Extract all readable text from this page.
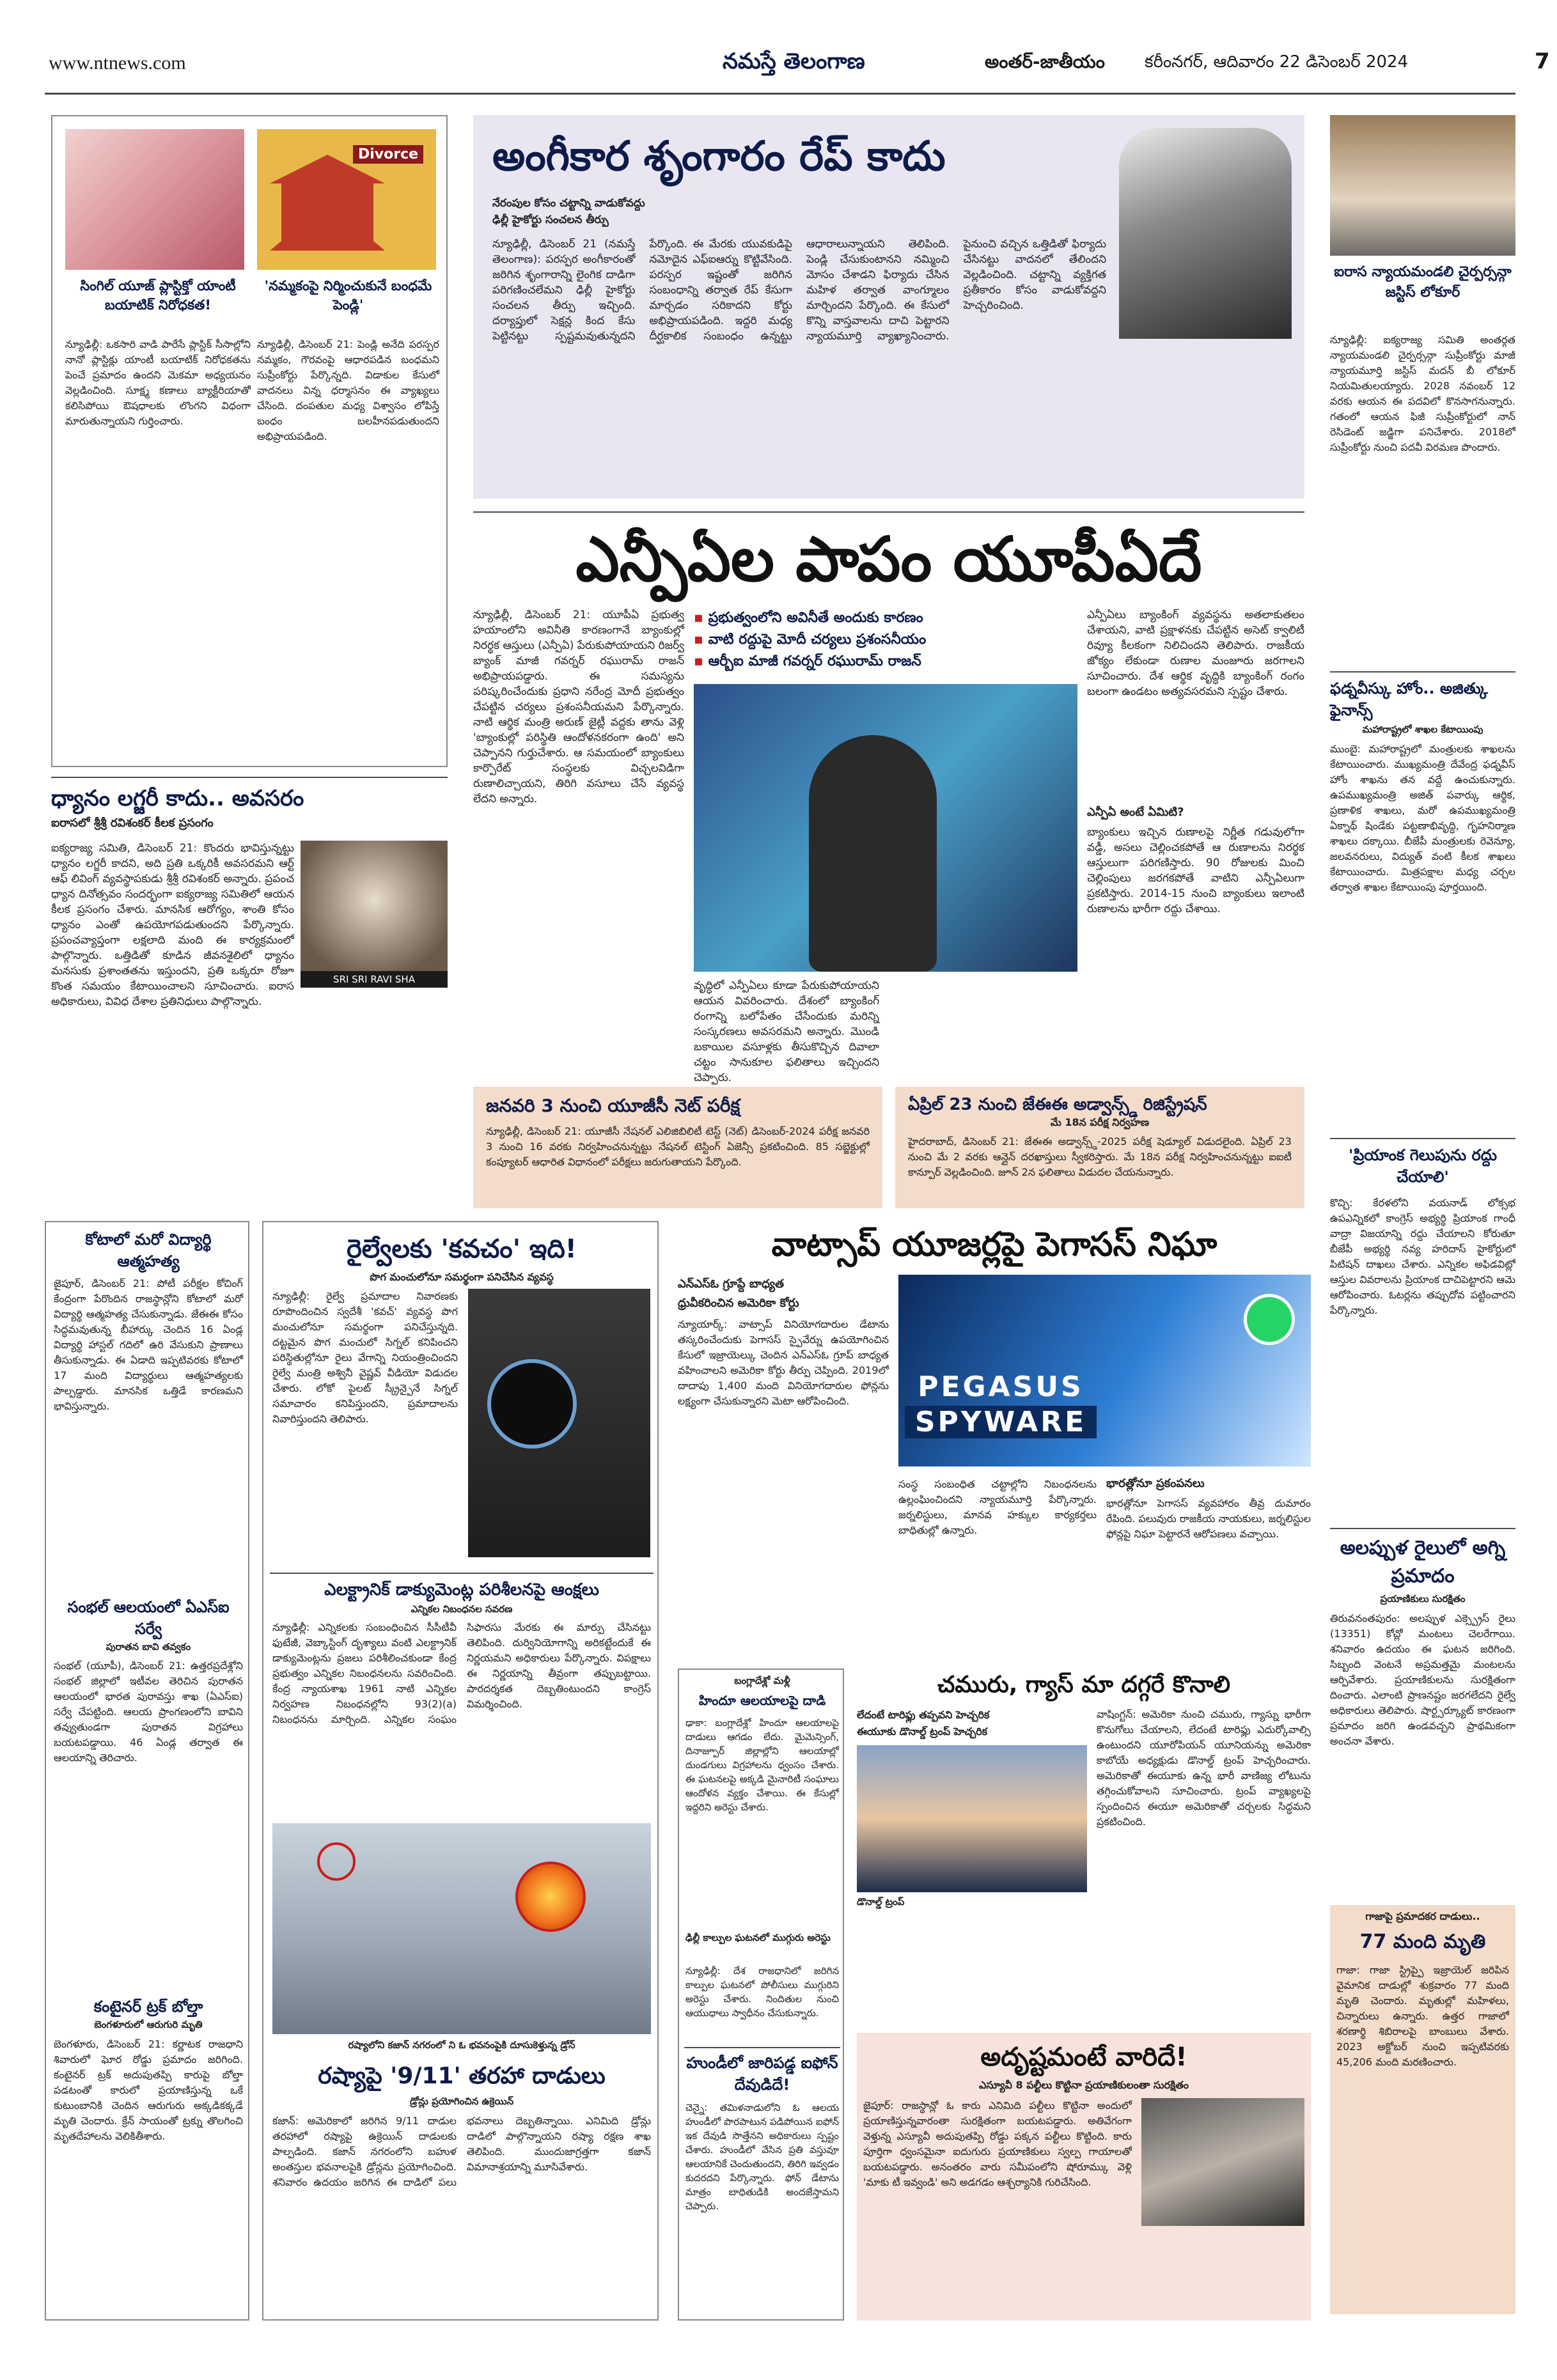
www.ntnews.com	నమస్తే తెలంగాణ	అంతర్-జాతీయం కరీంనగర్, ఆదివారం 22 డిసెంబర్ 2024	7
సింగిల్ యూజ్ ప్లాస్టిక్తో యాంటీ బయాటిక్ నిరోధకత!
న్యూఢిల్లీ: ఒకసారి వాడి పారేసే ప్లాస్టిక్ సీసాల్లోని నానో ప్లాస్టిక్లు యాంటీ బయాటిక్ నిరోధకతను పెంచే ప్రమాదం ఉందని మెకమా అధ్యయనం వెల్లడించింది. సూక్ష్మ కణాలు బ్యాక్టీరియాతో కలిసిపోయి ఔషధాలకు లొంగని విధంగా మారుతున్నాయని గుర్తించారు.
Divorce
'నమ్మకంపై నిర్మించుకునే బంధమే పెండ్లి'
న్యూఢిల్లీ, డిసెంబర్ 21: పెండ్లి అనేది పరస్పర నమ్మకం, గౌరవంపై ఆధారపడిన బంధమని సుప్రీంకోర్టు పేర్కొన్నది. విడాకుల కేసులో వాదనలు విన్న ధర్మాసనం ఈ వ్యాఖ్యలు చేసింది. దంపతుల మధ్య విశ్వాసం లోపిస్తే బంధం బలహీనపడుతుందని అభిప్రాయపడింది.
అంగీకార శృంగారం రేప్ కాదు
నేరంపుల కోసం చట్టాన్ని వాడుకోవద్దు
ఢిల్లీ హైకోర్టు సంచలన తీర్పు
న్యూఢిల్లీ, డిసెంబర్ 21 (నమస్తే తెలంగాణ): పరస్పర అంగీకారంతో జరిగిన శృంగారాన్ని లైంగిక దాడిగా పరిగణించలేమని ఢిల్లీ హైకోర్టు సంచలన తీర్పు ఇచ్చింది. దర్యాప్తులో సెక్షన్ల కింద కేసు పెట్టినట్టు స్పష్టమవుతున్నదని పేర్కొంది. ఈ మేరకు యువకుడిపై నమోదైన ఎఫ్ఐఆర్ను కొట్టివేసింది. పరస్పర ఇష్టంతో జరిగిన సంబంధాన్ని తర్వాత రేప్ కేసుగా మార్చడం సరికాదని కోర్టు అభిప్రాయపడింది. ఇద్దరి మధ్య దీర్ఘకాలిక సంబంధం ఉన్నట్టు ఆధారాలున్నాయని తెలిపింది. పెండ్లి చేసుకుంటానని నమ్మించి మోసం చేశాడని ఫిర్యాదు చేసిన మహిళ తర్వాత వాంగ్మూలం మార్చిందని పేర్కొంది. ఈ కేసులో కొన్ని వాస్తవాలను దాచి పెట్టారని న్యాయమూర్తి వ్యాఖ్యానించారు. పైనుంచి వచ్చిన ఒత్తిడితో ఫిర్యాదు చేసినట్టు వాదనలో తేలిందని వెల్లడించింది. చట్టాన్ని వ్యక్తిగత ప్రతీకారం కోసం వాడుకోవద్దని హెచ్చరించింది.
ఐరాస న్యాయమండలి చైర్పర్సన్గా జస్టిస్ లోకూర్
న్యూఢిల్లీ: ఐక్యరాజ్య సమితి అంతర్గత న్యాయమండలి చైర్పర్సన్గా సుప్రీంకోర్టు మాజీ న్యాయమూర్తి జస్టిస్ మదన్ బీ లోకూర్ నియమితులయ్యారు. 2028 నవంబర్ 12 వరకు ఆయన ఈ పదవిలో కొనసాగనున్నారు. గతంలో ఆయన ఫిజీ సుప్రీంకోర్టులో నాన్ రెసిడెంట్ జడ్జిగా పనిచేశారు. 2018లో సుప్రీంకోర్టు నుంచి పదవీ విరమణ పొందారు.
ధ్యానం లగ్జరీ కాదు.. అవసరం
ఐరాసలో శ్రీశ్రీ రవిశంకర్ కీలక ప్రసంగం
SRI SRI RAVI SHA
ఐక్యరాజ్య సమితి, డిసెంబర్ 21: కొందరు భావిస్తున్నట్టు ధ్యానం లగ్జరీ కాదని, అది ప్రతి ఒక్కరికీ అవసరమని ఆర్ట్ ఆఫ్ లివింగ్ వ్యవస్థాపకుడు శ్రీశ్రీ రవిశంకర్ అన్నారు. ప్రపంచ ధ్యాన దినోత్సవం సందర్భంగా ఐక్యరాజ్య సమితిలో ఆయన కీలక ప్రసంగం చేశారు. మానసిక ఆరోగ్యం, శాంతి కోసం ధ్యానం ఎంతో ఉపయోగపడుతుందని పేర్కొన్నారు. ప్రపంచవ్యాప్తంగా లక్షలాది మంది ఈ కార్యక్రమంలో పాల్గొన్నారు. ఒత్తిడితో కూడిన జీవనశైలిలో ధ్యానం మనసుకు ప్రశాంతతను ఇస్తుందని, ప్రతి ఒక్కరూ రోజూ కొంత సమయం కేటాయించాలని సూచించారు. ఐరాస అధికారులు, వివిధ దేశాల ప్రతినిధులు పాల్గొన్నారు.
ఎన్పీఏల పాపం యూపీఏదే
న్యూఢిల్లీ, డిసెంబర్ 21: యూపీఏ ప్రభుత్వ హయాంలోని అవినీతి కారణంగానే బ్యాంకుల్లో నిరర్థక ఆస్తులు (ఎన్పీఏ) పేరుకుపోయాయని రిజర్వ్ బ్యాంక్ మాజీ గవర్నర్ రఘురామ్ రాజన్ అభిప్రాయపడ్డారు. ఈ సమస్యను పరిష్కరించేందుకు ప్రధాని నరేంద్ర మోదీ ప్రభుత్వం చేపట్టిన చర్యలు ప్రశంసనీయమని పేర్కొన్నారు. నాటి ఆర్థిక మంత్రి అరుణ్ జైట్లీ వద్దకు తాను వెళ్లి 'బ్యాంకుల్లో పరిస్థితి ఆందోళనకరంగా ఉంది' అని చెప్పానని గుర్తుచేశారు. ఆ సమయంలో బ్యాంకులు కార్పొరేట్ సంస్థలకు విచ్చలవిడిగా రుణాలిచ్చాయని, తిరిగి వసూలు చేసే వ్యవస్థ లేదని అన్నారు.
▪ ప్రభుత్వంలోని అవినీతే అందుకు కారణం
▪ వాటి రద్దుపై మోదీ చర్యలు ప్రశంసనీయం
▪ ఆర్బీఐ మాజీ గవర్నర్ రఘురామ్ రాజన్
వృద్ధిలో ఎన్పీఏలు కూడా పేరుకుపోయాయని ఆయన వివరించారు. దేశంలో బ్యాంకింగ్ రంగాన్ని బలోపేతం చేసేందుకు మరిన్ని సంస్కరణలు అవసరమని అన్నారు. మొండి బకాయిల వసూళ్లకు తీసుకొచ్చిన దివాలా చట్టం సానుకూల ఫలితాలు ఇచ్చిందని చెప్పారు.
ఎన్పీఏలు బ్యాంకింగ్ వ్యవస్థను అతలాకుతలం చేశాయని, వాటి ప్రక్షాళనకు చేపట్టిన అసెట్ క్వాలిటీ రివ్యూ కీలకంగా నిలిచిందని తెలిపారు. రాజకీయ జోక్యం లేకుండా రుణాల మంజూరు జరగాలని సూచించారు. దేశ ఆర్థిక వృద్ధికి బ్యాంకింగ్ రంగం బలంగా ఉండటం అత్యవసరమని స్పష్టం చేశారు.
ఎన్పీఏ అంటే ఏమిటి?
బ్యాంకులు ఇచ్చిన రుణాలపై నిర్ణీత గడువులోగా వడ్డీ, అసలు చెల్లించకపోతే ఆ రుణాలను నిరర్థక ఆస్తులుగా పరిగణిస్తారు. 90 రోజులకు మించి చెల్లింపులు జరగకపోతే వాటిని ఎన్పీఏలుగా ప్రకటిస్తారు. 2014-15 నుంచి బ్యాంకులు ఇలాంటి రుణాలను భారీగా రద్దు చేశాయి.
జనవరి 3 నుంచి యూజీసీ నెట్ పరీక్ష
న్యూఢిల్లీ, డిసెంబర్ 21: యూజీసీ నేషనల్ ఎలిజిబిలిటీ టెస్ట్ (నెట్) డిసెంబర్-2024 పరీక్ష జనవరి 3 నుంచి 16 వరకు నిర్వహించనున్నట్టు నేషనల్ టెస్టింగ్ ఏజెన్సీ ప్రకటించింది. 85 సబ్జెక్టుల్లో కంప్యూటర్ ఆధారిత విధానంలో పరీక్షలు జరుగుతాయని పేర్కొంది.
ఏప్రిల్ 23 నుంచి జేఈఈ అడ్వాన్స్డ్ రిజిస్ట్రేషన్
మే 18న పరీక్ష నిర్వహణ
హైదరాబాద్, డిసెంబర్ 21: జేఈఈ అడ్వాన్స్డ్-2025 పరీక్ష షెడ్యూల్ విడుదలైంది. ఏప్రిల్ 23 నుంచి మే 2 వరకు ఆన్లైన్ దరఖాస్తులు స్వీకరిస్తారు. మే 18న పరీక్ష నిర్వహించనున్నట్టు ఐఐటీ కాన్పూర్ వెల్లడించింది. జూన్ 2న ఫలితాలు విడుదల చేయనున్నారు.
ఫడ్నవీస్కు హోం.. అజిత్కు ఫైనాన్స్
మహారాష్ట్రలో శాఖల కేటాయింపు
ముంబై: మహారాష్ట్రలో మంత్రులకు శాఖలను కేటాయించారు. ముఖ్యమంత్రి దేవేంద్ర ఫడ్నవీస్ హోం శాఖను తన వద్దే ఉంచుకున్నారు. ఉపముఖ్యమంత్రి అజిత్ పవార్కు ఆర్థిక, ప్రణాళిక శాఖలు, మరో ఉపముఖ్యమంత్రి ఏక్నాథ్ షిండేకు పట్టణాభివృద్ధి, గృహనిర్మాణ శాఖలు దక్కాయి. బీజేపీ మంత్రులకు రెవెన్యూ, జలవనరులు, విద్యుత్ వంటి కీలక శాఖలు కేటాయించారు. మిత్రపక్షాల మధ్య చర్చల తర్వాత శాఖల కేటాయింపు పూర్తయింది.
'ప్రియాంక గెలుపును రద్దు చేయాలి'
కొచ్చి: కేరళలోని వయనాడ్ లోక్సభ ఉపఎన్నికలో కాంగ్రెస్ అభ్యర్థి ప్రియాంక గాంధీ వాద్రా విజయాన్ని రద్దు చేయాలని కోరుతూ బీజేపీ అభ్యర్థి నవ్య హరిదాస్ హైకోర్టులో పిటిషన్ దాఖలు చేశారు. ఎన్నికల అఫిడవిట్లో ఆస్తుల వివరాలను ప్రియాంక దాచిపెట్టారని ఆమె ఆరోపించారు. ఓటర్లను తప్పుదోవ పట్టించారని పేర్కొన్నారు.
అలప్పుళ రైలులో అగ్ని ప్రమాదం
ప్రయాణికులు సురక్షితం
తిరువనంతపురం: అలప్పుళ ఎక్స్ప్రెస్ రైలు (13351) కోచ్లో మంటలు చెలరేగాయి. శనివారం ఉదయం ఈ ఘటన జరిగింది. సిబ్బంది వెంటనే అప్రమత్తమై మంటలను ఆర్పివేశారు. ప్రయాణికులను సురక్షితంగా దించారు. ఎలాంటి ప్రాణనష్టం జరగలేదని రైల్వే అధికారులు తెలిపారు. షార్ట్సర్క్యూట్ కారణంగా ప్రమాదం జరిగి ఉండవచ్చని ప్రాథమికంగా అంచనా వేశారు.
గాజాపై ప్రమాదకర దాడులు..
77 మంది మృతి
గాజా: గాజా స్ట్రిప్పై ఇజ్రాయెల్ జరిపిన వైమానిక దాడుల్లో శుక్రవారం 77 మంది మృతి చెందారు. మృతుల్లో మహిళలు, చిన్నారులు ఉన్నారు. ఉత్తర గాజాలో శరణార్థి శిబిరాలపై బాంబులు వేశారు. 2023 అక్టోబర్ నుంచి ఇప్పటివరకు 45,206 మంది మరణించారు.
కోటాలో మరో విద్యార్థి ఆత్మహత్య
జైపూర్, డిసెంబర్ 21: పోటీ పరీక్షల కోచింగ్ కేంద్రంగా పేరొందిన రాజస్థాన్లోని కోటాలో మరో విద్యార్థి ఆత్మహత్య చేసుకున్నాడు. జేఈఈ కోసం సిద్ధమవుతున్న బీహార్కు చెందిన 16 ఏండ్ల విద్యార్థి హాస్టల్ గదిలో ఉరి వేసుకుని ప్రాణాలు తీసుకున్నాడు. ఈ ఏడాది ఇప్పటివరకు కోటాలో 17 మంది విద్యార్థులు ఆత్మహత్యలకు పాల్పడ్డారు. మానసిక ఒత్తిడే కారణమని భావిస్తున్నారు.
సంభల్ ఆలయంలో ఏఎస్ఐ సర్వే
పురాతన బావి తవ్వకం
సంభల్ (యూపీ), డిసెంబర్ 21: ఉత్తరప్రదేశ్లోని సంభల్ జిల్లాలో ఇటీవల తెరిచిన పురాతన ఆలయంలో భారత పురావస్తు శాఖ (ఏఎస్ఐ) సర్వే చేపట్టింది. ఆలయ ప్రాంగణంలోని బావిని తవ్వుతుండగా పురాతన విగ్రహాలు బయటపడ్డాయి. 46 ఏండ్ల తర్వాత ఈ ఆలయాన్ని తెరిచారు.
కంటైనర్ ట్రక్ బోల్తా
బెంగళూరులో ఆరుగురి మృతి
బెంగళూరు, డిసెంబర్ 21: కర్ణాటక రాజధాని శివారులో ఘోర రోడ్డు ప్రమాదం జరిగింది. కంటైనర్ ట్రక్ అదుపుతప్పి కారుపై బోల్తా పడటంతో కారులో ప్రయాణిస్తున్న ఒకే కుటుంబానికి చెందిన ఆరుగురు అక్కడికక్కడే మృతి చెందారు. క్రేన్ సాయంతో ట్రక్ను తొలగించి మృతదేహాలను వెలికితీశారు.
రైల్వేలకు 'కవచం' ఇది!
పొగ మంచులోనూ సమర్థంగా పనిచేసిన వ్యవస్థ
న్యూఢిల్లీ: రైల్వే ప్రమాదాల నివారణకు రూపొందించిన స్వదేశీ 'కవచ్' వ్యవస్థ పొగ మంచులోనూ సమర్థంగా పనిచేస్తున్నది. దట్టమైన పొగ మంచులో సిగ్నల్ కనిపించని పరిస్థితుల్లోనూ రైలు వేగాన్ని నియంత్రించిందని రైల్వే మంత్రి అశ్వినీ వైష్ణవ్ వీడియో విడుదల చేశారు. లోకో పైలట్ స్క్రీన్పైనే సిగ్నల్ సమాచారం కనిపిస్తుందని, ప్రమాదాలను నివారిస్తుందని తెలిపారు.
ఎలక్ట్రానిక్ డాక్యుమెంట్ల పరిశీలనపై ఆంక్షలు
ఎన్నికల నిబంధనల సవరణ
న్యూఢిల్లీ: ఎన్నికలకు సంబంధించిన సీసీటీవీ ఫుటేజీ, వెబ్కాస్టింగ్ దృశ్యాలు వంటి ఎలక్ట్రానిక్ డాక్యుమెంట్లను ప్రజలు పరిశీలించకుండా కేంద్ర ప్రభుత్వం ఎన్నికల నిబంధనలను సవరించింది. కేంద్ర న్యాయశాఖ 1961 నాటి ఎన్నికల నిర్వహణ నిబంధనల్లోని 93(2)(a) నిబంధనను మార్చింది. ఎన్నికల సంఘం సిఫారసు మేరకు ఈ మార్పు చేసినట్టు తెలిపింది. దుర్వినియోగాన్ని అరికట్టేందుకే ఈ నిర్ణయమని అధికారులు పేర్కొన్నారు. విపక్షాలు ఈ నిర్ణయాన్ని తీవ్రంగా తప్పుబట్టాయి. పారదర్శకత దెబ్బతింటుందని కాంగ్రెస్ విమర్శించింది.
రష్యాలోని కజాన్ నగరంలో ని ఓ భవనంపైకి దూసుకెళ్తున్న డ్రోన్
రష్యాపై '9/11' తరహా దాడులు
డ్రోన్లు ప్రయోగించిన ఉక్రెయిన్
కజాన్: అమెరికాలో జరిగిన 9/11 దాడుల తరహాలో రష్యాపై ఉక్రెయిన్ దాడులకు పాల్పడింది. కజాన్ నగరంలోని బహుళ అంతస్తుల భవనాలపైకి డ్రోన్లను ప్రయోగించింది. శనివారం ఉదయం జరిగిన ఈ దాడిలో పలు భవనాలు దెబ్బతిన్నాయి. ఎనిమిది డ్రోన్లు దాడిలో పాల్గొన్నాయని రష్యా రక్షణ శాఖ తెలిపింది. ముందుజాగ్రత్తగా కజాన్ విమానాశ్రయాన్ని మూసివేశారు.
వాట్సాప్ యూజర్లపై పెగాసస్ నిఘా
ఎన్ఎస్ఓ గ్రూప్దే బాధ్యత
ధ్రువీకరించిన అమెరికా కోర్టు
న్యూయార్క్: వాట్సాప్ వినియోగదారుల డేటాను తస్కరించేందుకు పెగాసస్ స్పైవేర్ను ఉపయోగించిన కేసులో ఇజ్రాయెల్కు చెందిన ఎన్ఎస్ఓ గ్రూప్ బాధ్యత వహించాలని అమెరికా కోర్టు తీర్పు చెప్పింది. 2019లో దాదాపు 1,400 మంది వినియోగదారుల ఫోన్లను లక్ష్యంగా చేసుకున్నారని మెటా ఆరోపించింది.	PEGASUS
SPYWARE
సంస్థ సంబంధిత చట్టాల్లోని నిబంధనలను ఉల్లంఘించిందని న్యాయమూర్తి పేర్కొన్నారు. జర్నలిస్టులు, మానవ హక్కుల కార్యకర్తలు బాధితుల్లో ఉన్నారు.
భారత్లోనూ ప్రకంపనలు
భారత్లోనూ పెగాసస్ వ్యవహారం తీవ్ర దుమారం రేపింది. పలువురు రాజకీయ నాయకులు, జర్నలిస్టుల ఫోన్లపై నిఘా పెట్టారనే ఆరోపణలు వచ్చాయి.
బంగ్లాదేశ్లో మళ్లీ
హిందూ ఆలయాలపై దాడి
ఢాకా: బంగ్లాదేశ్లో హిందూ ఆలయాలపై దాడులు ఆగడం లేదు. మైమెన్సింగ్, దినాజ్పూర్ జిల్లాల్లోని ఆలయాల్లో దుండగులు విగ్రహాలను ధ్వంసం చేశారు. ఈ ఘటనలపై అక్కడి మైనారిటీ సంఘాలు ఆందోళన వ్యక్తం చేశాయి. ఈ కేసుల్లో ఇద్దరిని అరెస్టు చేశారు.
ఢిల్లీ కాల్పుల ఘటనలో ముగ్గురు అరెస్టు
న్యూఢిల్లీ: దేశ రాజధానిలో జరిగిన కాల్పుల ఘటనలో పోలీసులు ముగ్గురిని అరెస్టు చేశారు. నిందితుల నుంచి ఆయుధాలు స్వాధీనం చేసుకున్నారు.
హుండీలో జారిపడ్డ ఐఫోన్ దేవుడిదే!
చెన్నై: తమిళనాడులోని ఓ ఆలయ హుండీలో పొరపాటున పడిపోయిన ఐఫోన్ ఇక దేవుడి సొత్తేనని అధికారులు స్పష్టం చేశారు. హుండీలో వేసిన ప్రతి వస్తువూ ఆలయానికే చెందుతుందని, తిరిగి ఇవ్వడం కుదరదని పేర్కొన్నారు. ఫోన్ డేటాను మాత్రం బాధితుడికి అందజేస్తామని చెప్పారు.
చమురు, గ్యాస్ మా దగ్గరే కొనాలి
లేదంటే టారిఫ్లు తప్పవని హెచ్చరిక
ఈయూకు డొనాల్డ్ ట్రంప్ హెచ్చరిక
డొనాల్డ్ ట్రంప్
వాషింగ్టన్: అమెరికా నుంచి చమురు, గ్యాస్ను భారీగా కొనుగోలు చేయాలని, లేదంటే టారిఫ్లు ఎదుర్కోవాల్సి ఉంటుందని యూరోపియన్ యూనియన్ను అమెరికా కాబోయే అధ్యక్షుడు డొనాల్డ్ ట్రంప్ హెచ్చరించారు. అమెరికాతో ఈయూకు ఉన్న భారీ వాణిజ్య లోటును తగ్గించుకోవాలని సూచించారు. ట్రంప్ వ్యాఖ్యలపై స్పందించిన ఈయూ అమెరికాతో చర్చలకు సిద్ధమని ప్రకటించింది.
అదృష్టమంటే వారిదే!
ఎస్యూవీ 8 పల్టీలు కొట్టినా ప్రయాణికులంతా సురక్షితం
జైపూర్: రాజస్థాన్లో ఓ కారు ఎనిమిది పల్టీలు కొట్టినా అందులో ప్రయాణిస్తున్నవారంతా సురక్షితంగా బయటపడ్డారు. అతివేగంగా వెళ్తున్న ఎస్యూవీ అదుపుతప్పి రోడ్డు పక్కన పల్టీలు కొట్టింది. కారు పూర్తిగా ధ్వంసమైనా ఐదుగురు ప్రయాణికులు స్వల్ప గాయాలతో బయటపడ్డారు. అనంతరం వారు సమీపంలోని షోరూమ్కు వెళ్లి 'మాకు టీ ఇవ్వండి' అని అడగడం ఆశ్చర్యానికి గురిచేసింది.
